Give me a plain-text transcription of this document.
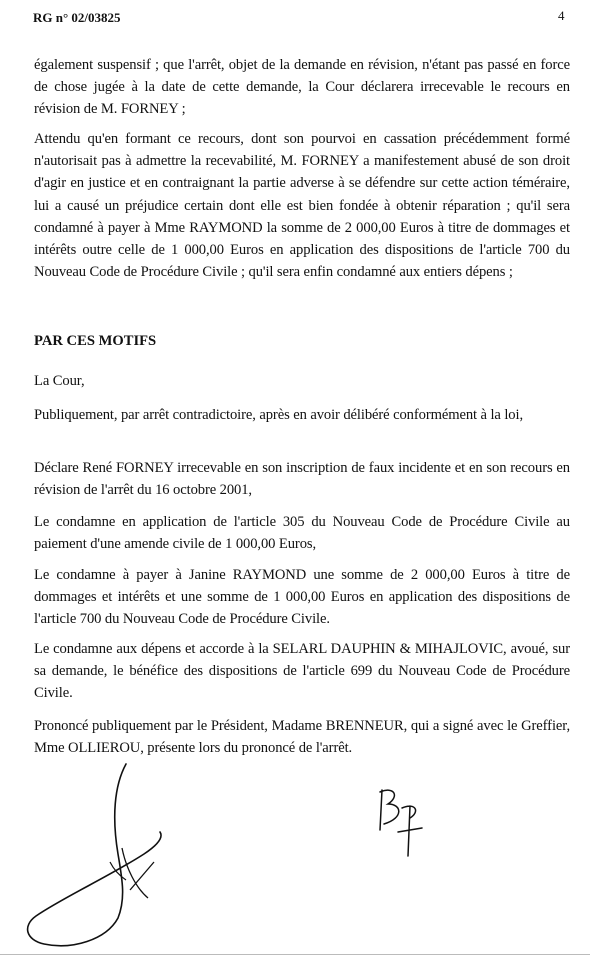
RG n° 02/03825	4

également suspensif ; que l'arrêt, objet de la demande en révision, n'étant pas passé en force de chose jugée à la date de cette demande, la Cour déclarera irrecevable le recours en révision de M. FORNEY ;

Attendu qu'en formant ce recours, dont son pourvoi en cassation précédemment formé n'autorisait pas à admettre la recevabilité, M. FORNEY a manifestement abusé de son droit d'agir en justice et en contraignant la partie adverse à se défendre sur cette action téméraire, lui a causé un préjudice certain dont elle est bien fondée à obtenir réparation ; qu'il sera condamné à payer à Mme RAYMOND la somme de 2 000,00 Euros à titre de dommages et intérêts outre celle de 1 000,00 Euros en application des dispositions de l'article 700 du Nouveau Code de Procédure Civile ; qu'il sera enfin condamné aux entiers dépens ;

PAR CES MOTIFS

La Cour,

Publiquement, par arrêt contradictoire, après en avoir délibéré conformément à la loi,

Déclare René FORNEY irrecevable en son inscription de faux incidente et en son recours en révision de l'arrêt du 16 octobre 2001,

Le condamne en application de l'article 305 du Nouveau Code de Procédure Civile au paiement d'une amende civile de 1 000,00 Euros,

Le condamne à payer à Janine RAYMOND une somme de 2 000,00 Euros à titre de dommages et intérêts et une somme de 1 000,00 Euros en application des dispositions de l'article 700 du Nouveau Code de Procédure Civile.

Le condamne aux dépens et accorde à la SELARL DAUPHIN & MIHAJLOVIC, avoué, sur sa demande, le bénéfice des dispositions de l'article 699 du Nouveau Code de Procédure Civile.

Prononcé publiquement par le Président, Madame BRENNEUR, qui a signé avec le Greffier, Mme OLLIEROU, présente lors du prononcé de l'arrêt.
